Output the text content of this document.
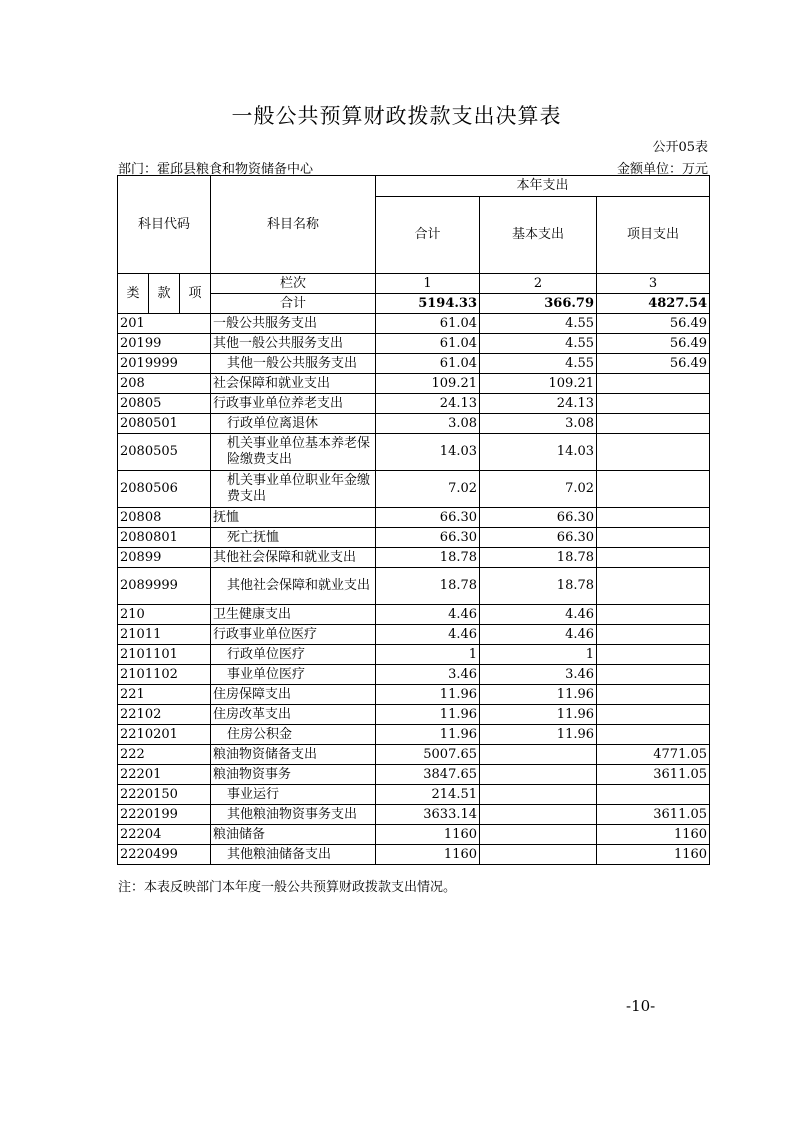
一般公共预算财政拨款支出决算表
公开05表
部门：霍邱县粮食和物资储备中心	金额单位：万元
科目代码			科目名称	本年支出		
				合计	基本支出	项目支出
类	款	项	栏次	1	2	3
			合计	5194.33	366.79	4827.54
201			一般公共服务支出	61.04	4.55	56.49
20199			其他一般公共服务支出	61.04	4.55	56.49
2019999			其他一般公共服务支出	61.04	4.55	56.49
208			社会保障和就业支出	109.21	109.21	
20805			行政事业单位养老支出	24.13	24.13	
2080501			行政单位离退休	3.08	3.08	
2080505			机关事业单位基本养老保险缴费支出	14.03	14.03	
2080506			机关事业单位职业年金缴费支出	7.02	7.02	
20808			抚恤	66.30	66.30	
2080801			死亡抚恤	66.30	66.30	
20899			其他社会保障和就业支出	18.78	18.78	
2089999			其他社会保障和就业支出	18.78	18.78	
210			卫生健康支出	4.46	4.46	
21011			行政事业单位医疗	4.46	4.46	
2101101			行政单位医疗	1	1	
2101102			事业单位医疗	3.46	3.46	
221			住房保障支出	11.96	11.96	
22102			住房改革支出	11.96	11.96	
2210201			住房公积金	11.96	11.96	
222			粮油物资储备支出	5007.65		4771.05
22201			粮油物资事务	3847.65		3611.05
2220150			事业运行	214.51		
2220199			其他粮油物资事务支出	3633.14		3611.05
22204			粮油储备	1160		1160
2220499			其他粮油储备支出	1160		1160
注：本表反映部门本年度一般公共预算财政拨款支出情况。
-10-
